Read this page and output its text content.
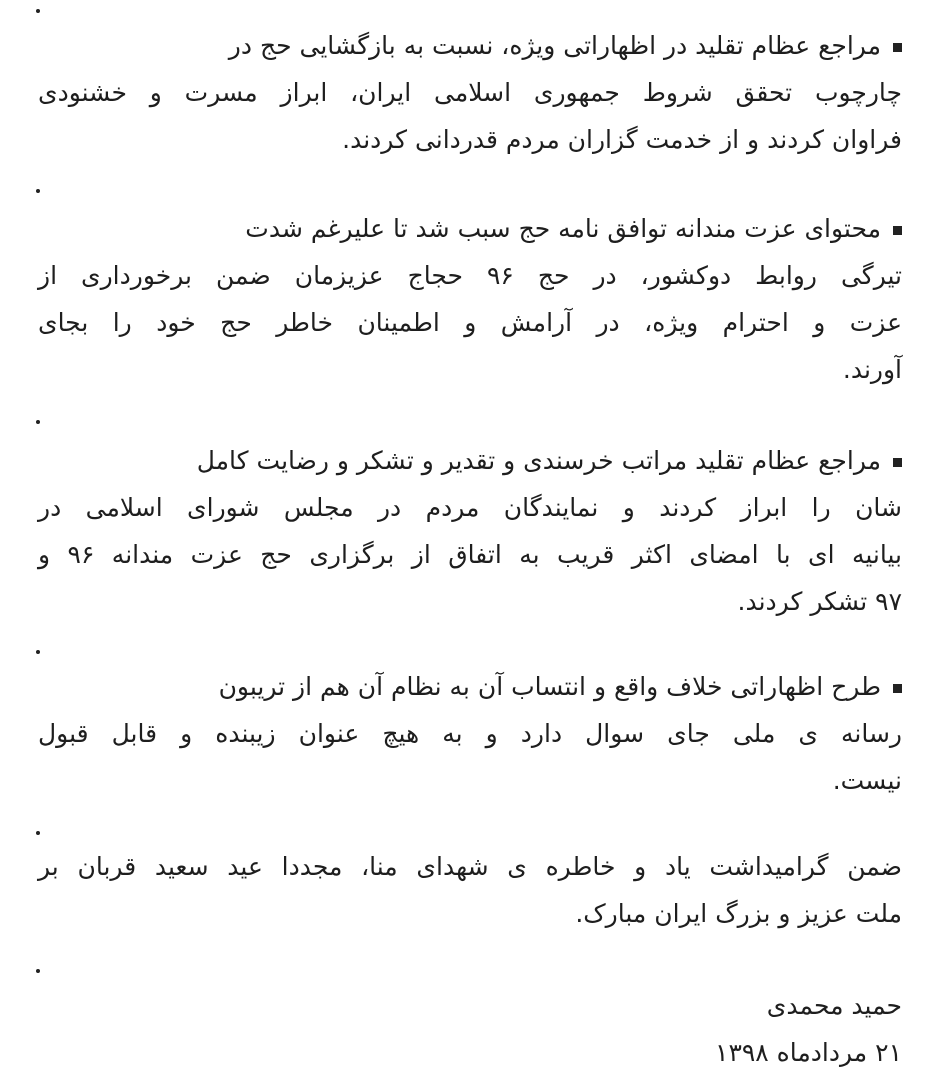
مراجع عظام تقلید در اظهاراتی ویژه، نسبت به بازگشایی حج در
چارچوب تحقق شروط جمهوری اسلامی ایران، ابراز مسرت و خشنودی
فراوان کردند و از خدمت گزاران مردم قدردانی کردند.
محتوای عزت مندانه توافق نامه حج سبب شد تا علیرغم شدت
تیرگی روابط دوکشور، در حج ۹۶ حجاج عزیزمان ضمن برخورداری از
عزت و احترام ویژه، در آرامش و اطمینان خاطر حج خود را بجای
آورند.
مراجع عظام تقلید مراتب خرسندی و تقدیر و تشکر و رضایت کامل
شان را ابراز کردند و نمایندگان مردم در مجلس شورای اسلامی در
بیانیه ای با امضای اکثر قریب به اتفاق از برگزاری حج عزت مندانه ۹۶ و
۹۷ تشکر کردند.
طرح اظهاراتی خلاف واقع و انتساب آن به نظام آن هم از تریبون
رسانه ی ملی جای سوال دارد و به هیچ عنوان زیبنده و قابل قبول
نیست.
ضمن گرامیداشت یاد و خاطره ی شهدای منا، مجددا عید سعید قربان بر
ملت عزیز و بزرگ ایران مبارک.
حمید محمدی
۲۱ مردادماه ۱۳۹۸
